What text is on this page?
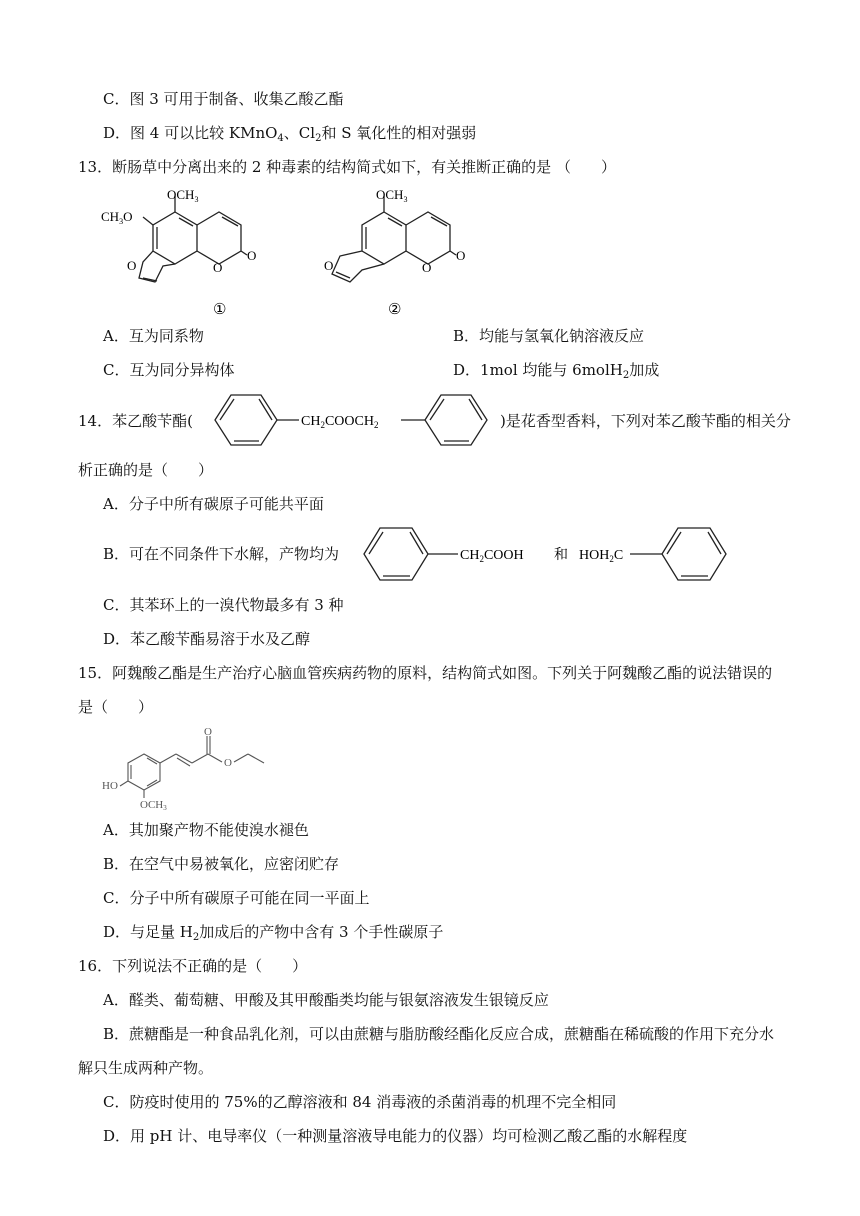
C．图 3 可用于制备、收集乙酸乙酯
D．图 4 可以比较 KMnO$_4$、$Cl_2$和 S 氧化性的相对强弱
13．断肠草中分离出来的 2 种毒素的结构简式如下，有关推断正确的是 （　　）
$OCH_3$
$CH_3O$
O	O
O
①
$OCH_3$
O	O
O
②
A．互为同系物	B．均能与氢氧化钠溶液反应
C．互为同分异构体	D．1mol 均能与 6molH$_2$加成
14．苯乙酸苄酯(	$CH_2COOCH_2$	)是花香型香料，下列对苯乙酸苄酯的相关分
析正确的是（　　）
A．分子中所有碳原子可能共平面
B．可在不同条件下水解，产物均为	$CH_2COOH$ 和 $HOH_2C$
C．其苯环上的一溴代物最多有 3 种
D．苯乙酸苄酯易溶于水及乙醇
15．阿魏酸乙酯是生产治疗心脑血管疾病药物的原料，结构简式如图。下列关于阿魏酸乙酯的说法错误的
是（　　）
O
O
HO
OCH3
A．其加聚产物不能使溴水褪色
B．在空气中易被氧化，应密闭贮存
C．分子中所有碳原子可能在同一平面上
D．与足量 $H_2$加成后的产物中含有 3 个手性碳原子
16．下列说法不正确的是（　　）
A．醛类、葡萄糖、甲酸及其甲酸酯类均能与银氨溶液发生银镜反应
B．蔗糖酯是一种食品乳化剂，可以由蔗糖与脂肪酸经酯化反应合成，蔗糖酯在稀硫酸的作用下充分水
解只生成两种产物。
C．防疫时使用的 75%的乙醇溶液和 84 消毒液的杀菌消毒的机理不完全相同
D．用 pH 计、电导率仪（一种测量溶液导电能力的仪器）均可检测乙酸乙酯的水解程度
